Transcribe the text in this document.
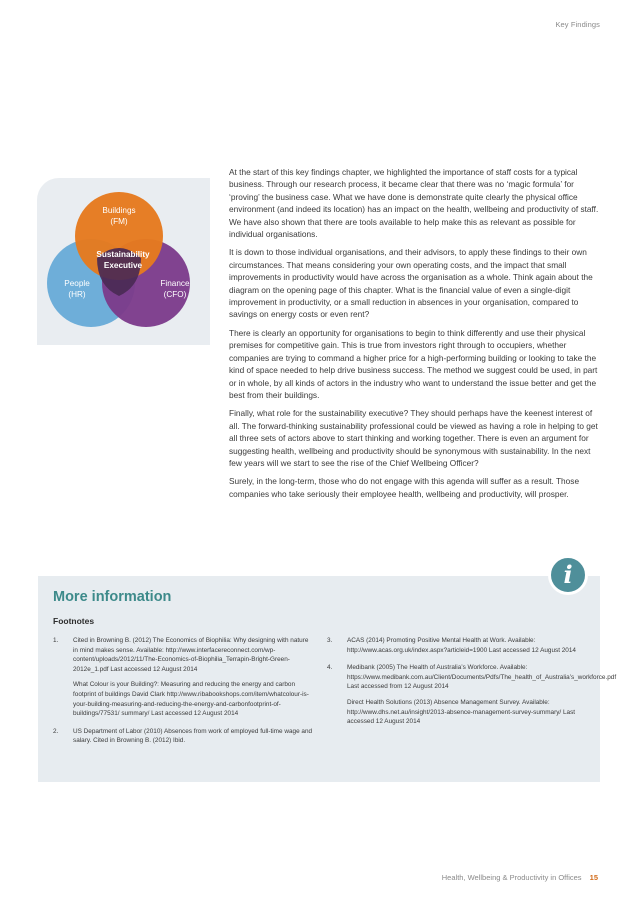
Key Findings
Buildings
(FM)
Sustainability
Executive
People
(HR)
Finance
(CFO)

At the start of this key findings chapter, we highlighted the importance of staff costs for a typical business. Through our research process, it became clear that there was no ‘magic formula’ for ‘proving’ the business case. What we have done is demonstrate quite clearly the physical office environment (and indeed its location) has an impact on the health, wellbeing and productivity of staff. We have also shown that there are tools available to help make this as relevant as possible for individual organisations.

It is down to those individual organisations, and their advisors, to apply these findings to their own circumstances. That means considering your own operating costs, and the impact that small improvements in productivity would have across the organisation as a whole. Think again about the diagram on the opening page of this chapter. What is the financial value of even a single-digit improvement in productivity, or a small reduction in absences in your organisation, compared to savings on energy costs or even rent?

There is clearly an opportunity for organisations to begin to think differently and use their physical premises for competitive gain. This is true from investors right through to occupiers, whether companies are trying to command a higher price for a high-performing building or looking to take the kind of space needed to help drive business success. The method we suggest could be used, in part or in whole, by all kinds of actors in the industry who want to understand the issue better and get the best from their buildings.

Finally, what role for the sustainability executive? They should perhaps have the keenest interest of all. The forward-thinking sustainability professional could be viewed as having a role in helping to get all three sets of actors above to start thinking and working together. There is even an argument for suggesting health, wellbeing and productivity should be synonymous with sustainability. In the next few years will we start to see the rise of the Chief Wellbeing Officer?

Surely, in the long-term, those who do not engage with this agenda will suffer as a result. Those companies who take seriously their employee health, wellbeing and productivity, will prosper.

i
More information
Footnotes
1. Cited in Browning B. (2012) The Economics of Biophilia: Why designing with nature in mind makes sense. Available: http://www.interfacereconnect.com/wp-content/uploads/2012/11/The-Economics-of-Biophilia_Terrapin-Bright-Green-2012e_1.pdf Last accessed 12 August 2014

What Colour is your Building?: Measuring and reducing the energy and carbon footprint of buildings David Clark http://www.ribabookshops.com/item/whatcolour-is-your-building-measuring-and-reducing-the-energy-and-carbonfootprint-of-buildings/77531/ summary/ Last accessed 12 August 2014

2. US Department of Labor (2010) Absences from work of employed full-time wage and salary. Cited in Browning B. (2012) Ibid.

3. ACAS (2014) Promoting Positive Mental Health at Work. Available: http://www.acas.org.uk/index.aspx?articleid=1900 Last accessed 12 August 2014

4. Medibank (2005) The Health of Australia’s Workforce. Available: https://www.medibank.com.au/Client/Documents/Pdfs/The_health_of_Australia’s_workforce.pdf Last accessed from 12 August 2014

Direct Health Solutions (2013) Absence Management Survey. Available: http://www.dhs.net.au/insight/2013-absence-management-survey-summary/ Last accessed 12 August 2014

Health, Wellbeing & Productivity in Offices 15
